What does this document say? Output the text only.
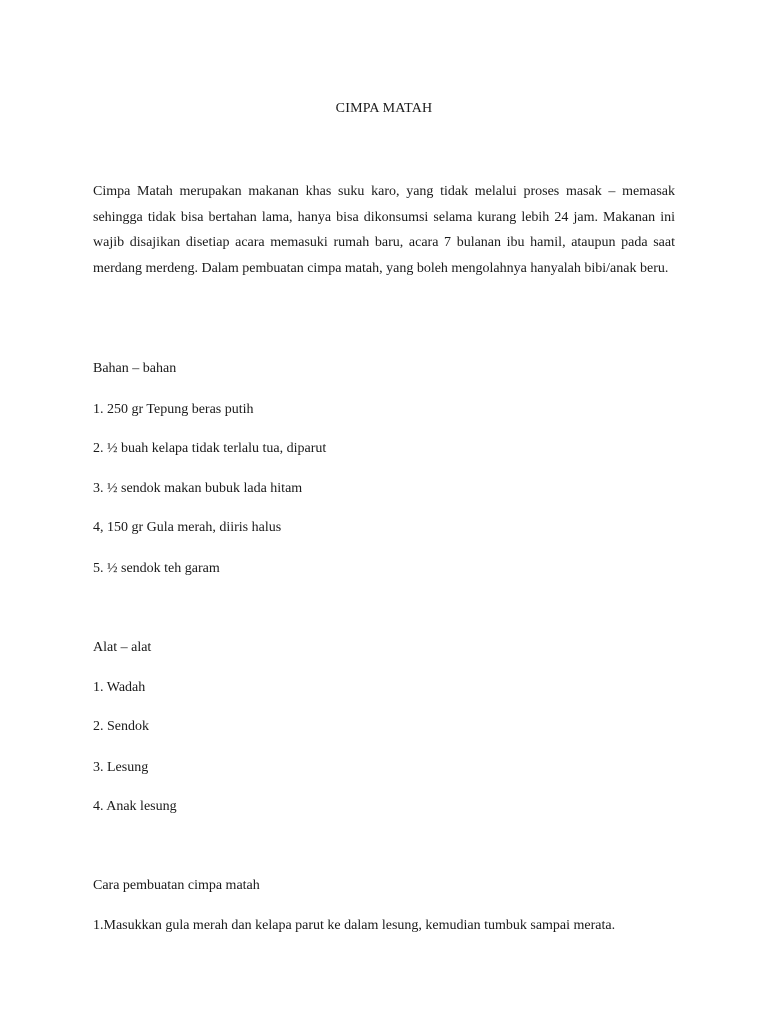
CIMPA MATAH

Cimpa Matah merupakan makanan khas suku karo, yang tidak melalui proses masak – memasak sehingga tidak bisa bertahan lama, hanya bisa dikonsumsi selama kurang lebih 24 jam. Makanan ini wajib disajikan disetiap acara memasuki rumah baru, acara 7 bulanan ibu hamil, ataupun pada saat merdang merdeng. Dalam pembuatan cimpa matah, yang boleh mengolahnya hanyalah bibi/anak beru.

Bahan – bahan
1. 250 gr Tepung beras putih
2. ½ buah kelapa tidak terlalu tua, diparut
3. ½ sendok makan bubuk lada hitam
4, 150 gr Gula merah, diiris halus
5. ½ sendok teh garam
Alat – alat
1. Wadah
2. Sendok
3. Lesung
4. Anak lesung
Cara pembuatan cimpa matah
1.Masukkan gula merah dan kelapa parut ke dalam lesung, kemudian tumbuk sampai merata.
